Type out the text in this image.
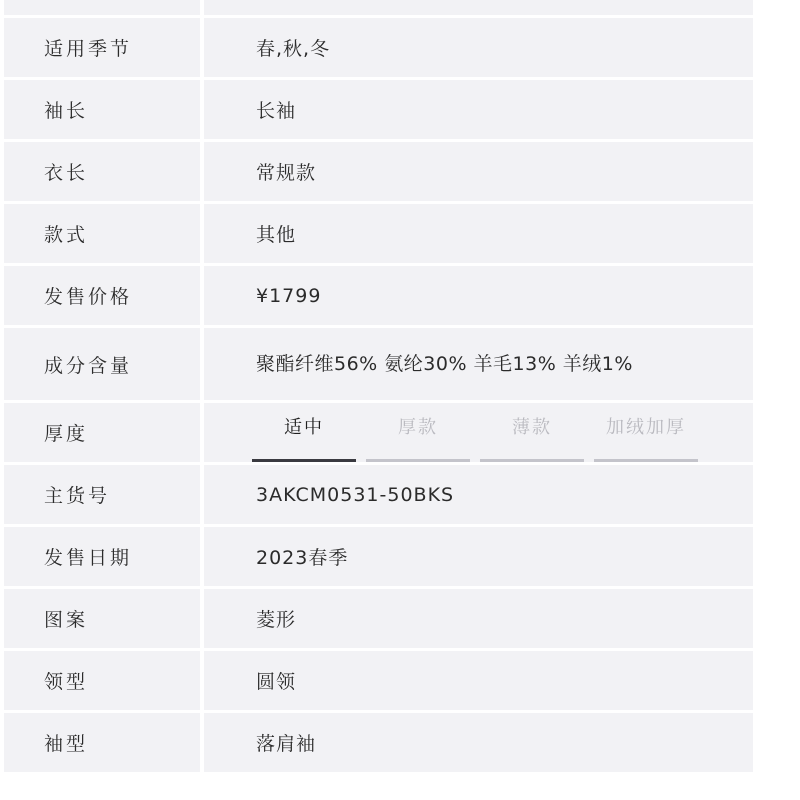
适用季节	春,秋,冬
袖长	长袖
衣长	常规款
款式	其他
发售价格	¥1799
成分含量	聚酯纤维56% 氨纶30% 羊毛13% 羊绒1%
厚度	适中	厚款	薄款	加绒加厚
主货号	3AKCM0531-50BKS
发售日期	2023春季
图案	菱形
领型	圆领
袖型	落肩袖
